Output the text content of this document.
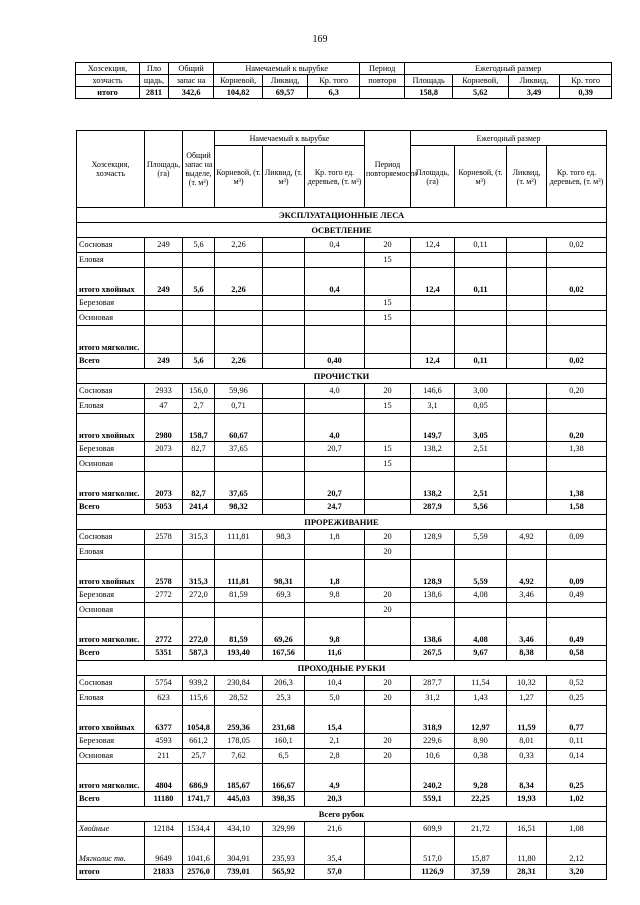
169
Хозсекция,	Пло	Общий	Намечаемый к вырубке			Период	Ежегодный размер			
хозчасть	щадь,	запас на	Корневой,	Ликвид,	Кр. того	повторя	Площадь	Корневой,	Ликвид,	Кр. того
итого	2811	342,6	104,82	69,57	6,3		158,8	5,62	3,49	0,39
Хозсекция, хозчасть	Площадь, (га)	Общий запас на выделе, (т. м³)	Намечаемый к вырубке			Период повторяемости	Ежегодный размер			
			Корневой, (т. м³)	Ликвид, (т. м³)	Кр. того ед. деревьев, (т. м³)		Площадь, (га)	Корневой, (т. м³)	Ликвид, (т. м³)	Кр. того ед. деревьев, (т. м³)
ЭКСПЛУАТАЦИОННЫЕ ЛЕСА										
ОСВЕТЛЕНИЕ										
Сосновая	249	5,6	2,26		0,4	20	12,4	0,11		0,02
Еловая						15				
итого хвойных	249	5,6	2,26		0,4		12,4	0,11		0,02
Березовая						15				
Осиновая						15				
итого мягколис.										
Всего	249	5,6	2,26		0,40		12,4	0,11		0,02
ПРОЧИСТКИ										
Сосновая	2933	156,0	59,96		4,0	20	146,6	3,00		0,20
Еловая	47	2,7	0,71			15	3,1	0,05		
итого хвойных	2980	158,7	60,67		4,0		149,7	3,05		0,20
Березовая	2073	82,7	37,65		20,7	15	138,2	2,51		1,38
Осиновая						15				
итого мягколис.	2073	82,7	37,65		20,7		138,2	2,51		1,38
Всего	5053	241,4	98,32		24,7		287,9	5,56		1,58
ПРОРЕЖИВАНИЕ										
Сосновая	2578	315,3	111,81	98,3	1,8	20	128,9	5,59	4,92	0,09
Еловая						20				
итого хвойных	2578	315,3	111,81	98,31	1,8		128,9	5,59	4,92	0,09
Березовая	2772	272,0	81,59	69,3	9,8	20	138,6	4,08	3,46	0,49
Осиновая						20				
итого мягколис.	2772	272,0	81,59	69,26	9,8		138,6	4,08	3,46	0,49
Всего	5351	587,3	193,40	167,56	11,6		267,5	9,67	8,38	0,58
ПРОХОДНЫЕ РУБКИ										
Сосновая	5754	939,2	230,84	206,3	10,4	20	287,7	11,54	10,32	0,52
Еловая	623	115,6	28,52	25,3	5,0	20	31,2	1,43	1,27	0,25
итого хвойных	6377	1054,8	259,36	231,68	15,4		318,9	12,97	11,59	0,77
Березовая	4593	661,2	178,05	160,1	2,1	20	229,6	8,90	8,01	0,11
Осиновая	211	25,7	7,62	6,5	2,8	20	10,6	0,38	0,33	0,14
итого мягколис.	4804	686,9	185,67	166,67	4,9		240,2	9,28	8,34	0,25
Всего	11180	1741,7	445,03	398,35	20,3		559,1	22,25	19,93	1,02
Всего рубок										
Хвойные	12184	1534,4	434,10	329,99	21,6		609,9	21,72	16,51	1,08
Мягколис тв.	9649	1041,6	304,91	235,93	35,4		517,0	15,87	11,80	2,12
итого	21833	2576,0	739,01	565,92	57,0		1126,9	37,59	28,31	3,20
